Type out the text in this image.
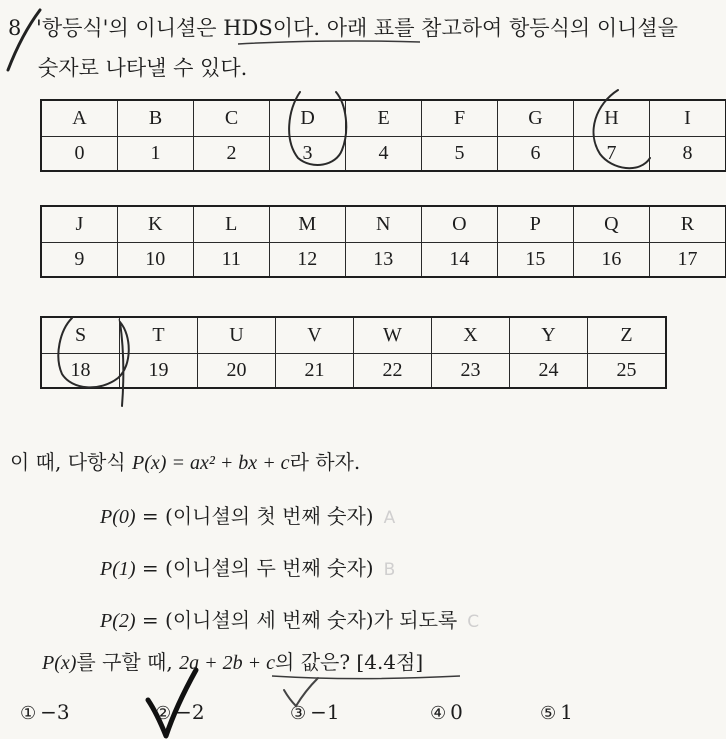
8. '항등식'의 이니셜은 HDS이다. 아래 표를 참고하여 항등식의 이니셜을
숫자로 나타낼 수 있다.
A	B	C	D	E	F	G	H	I
0	1	2	3	4	5	6	7	8
J	K	L	M	N	O	P	Q	R
9	10	11	12	13	14	15	16	17
S	T	U	V	W	X	Y	Z
18	19	20	21	22	23	24	25
이 때, 다항식 P(x) = ax² + bx + c라 하자.
P(0) = (이니셜의 첫 번째 숫자) A
P(1) = (이니셜의 두 번째 숫자) B
P(2) = (이니셜의 세 번째 숫자)가 되도록 C
P(x)를 구할 때, 2a + 2b + c의 값은? [4.4점]
① −3	② −2	③ −1	④ 0	⑤ 1
